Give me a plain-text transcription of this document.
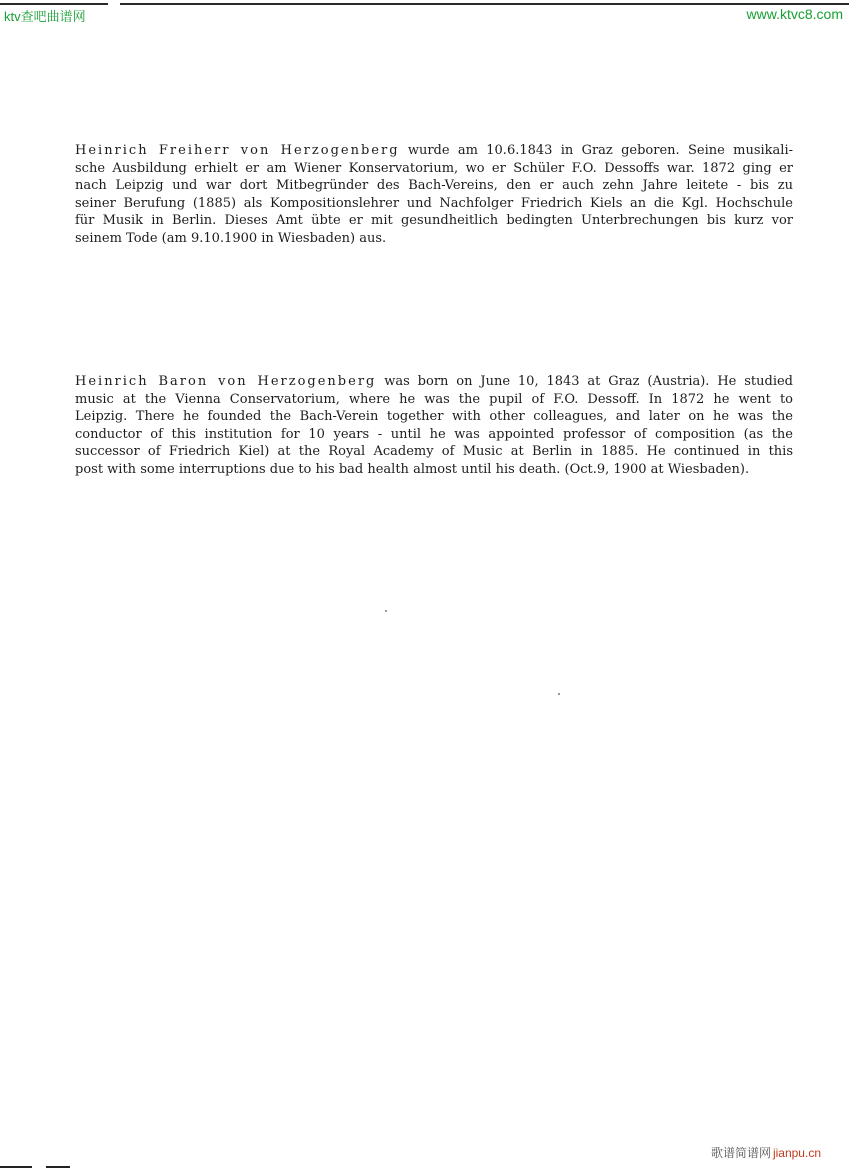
ktv查吧曲谱网	www.ktvc8.com
Heinrich Freiherr von Herzogenberg wurde am 10.6.1843 in Graz geboren. Seine musikali-
sche Ausbildung erhielt er am Wiener Konservatorium, wo er Schüler F.O. Dessoffs war. 1872 ging er
nach Leipzig und war dort Mitbegründer des Bach-Vereins, den er auch zehn Jahre leitete - bis zu
seiner Berufung (1885) als Kompositionslehrer und Nachfolger Friedrich Kiels an die Kgl. Hochschule
für Musik in Berlin. Dieses Amt übte er mit gesundheitlich bedingten Unterbrechungen bis kurz vor
seinem Tode (am 9.10.1900 in Wiesbaden) aus.
Heinrich Baron von Herzogenberg was born on June 10, 1843 at Graz (Austria). He studied
music at the Vienna Conservatorium, where he was the pupil of F.O. Dessoff. In 1872 he went to
Leipzig. There he founded the Bach-Verein together with other colleagues, and later on he was the
conductor of this institution for 10 years - until he was appointed professor of composition (as the
successor of Friedrich Kiel) at the Royal Academy of Music at Berlin in 1885. He continued in this
post with some interruptions due to his bad health almost until his death. (Oct.9, 1900 at Wiesbaden).
歌谱简谱网 jianpu.cn
